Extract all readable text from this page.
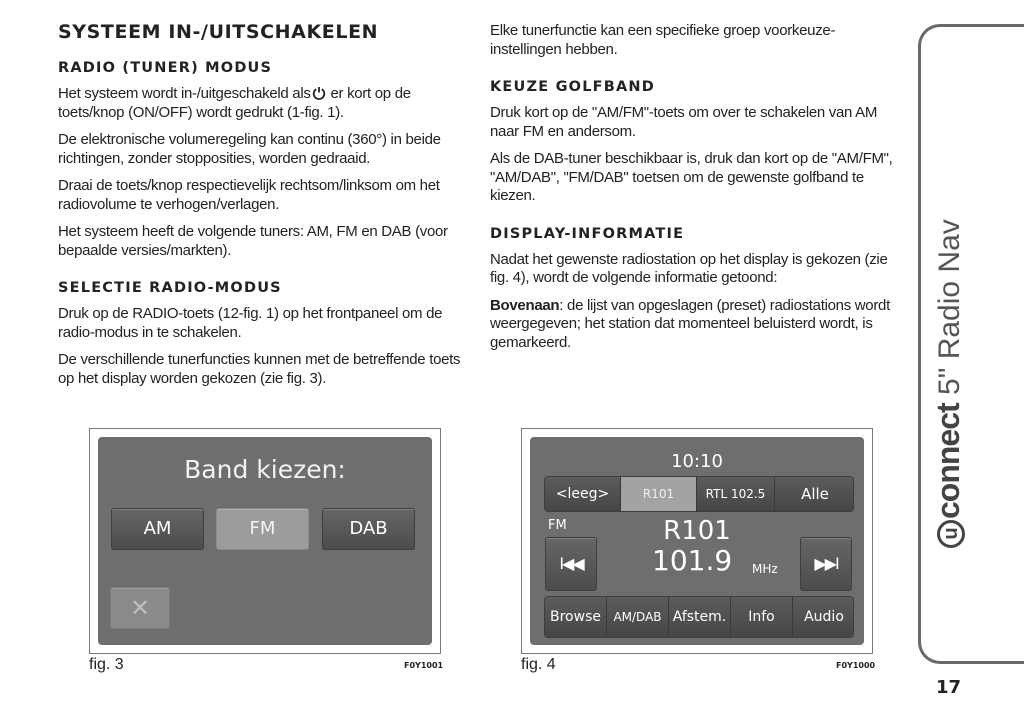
SYSTEEM IN-/UITSCHAKELEN
RADIO (TUNER) MODUS

Het systeem wordt in-/uitgeschakeld als er kort op de toets/knop (ON/OFF) wordt gedrukt (1-fig. 1).

De elektronische volumeregeling kan continu (360°) in beide richtingen, zonder stopposities, worden gedraaid.

Draai de toets/knop respectievelijk rechtsom/linksom om het radiovolume te verhogen/verlagen.

Het systeem heeft de volgende tuners: AM, FM en DAB (voor bepaalde versies/markten).

SELECTIE RADIO-MODUS

Druk op de RADIO-toets (12-fig. 1) op het frontpaneel om de radio-modus in te schakelen.

De verschillende tunerfuncties kunnen met de betreffende toets op het display worden gekozen (zie fig. 3).

Elke tunerfunctie kan een specifieke groep voorkeuze-instellingen hebben.

KEUZE GOLFBAND

Druk kort op de "AM/FM"-toets om over te schakelen van AM naar FM en andersom.

Als de DAB-tuner beschikbaar is, druk dan kort op de "AM/FM", "AM/DAB", "FM/DAB" toetsen om de gewenste golfband te kiezen.

DISPLAY-INFORMATIE

Nadat het gewenste radiostation op het display is gekozen (zie fig. 4), wordt de volgende informatie getoond:

Bovenaan: de lijst van opgeslagen (preset) radiostations wordt weergegeven; het station dat momenteel beluisterd wordt, is gemarkeerd.

uconnect 5" Radio Nav
17
Band kiezen:
AM	FM	DAB
✕
fig. 3	F0Y1001
10:10
<leeg>	R101	RTL 102.5	Alle
FM	R101
101.9 MHz
I◀◀	▶▶I
Browse	AM/DAB Afstem.	Info	Audio
fig. 4	F0Y1000
